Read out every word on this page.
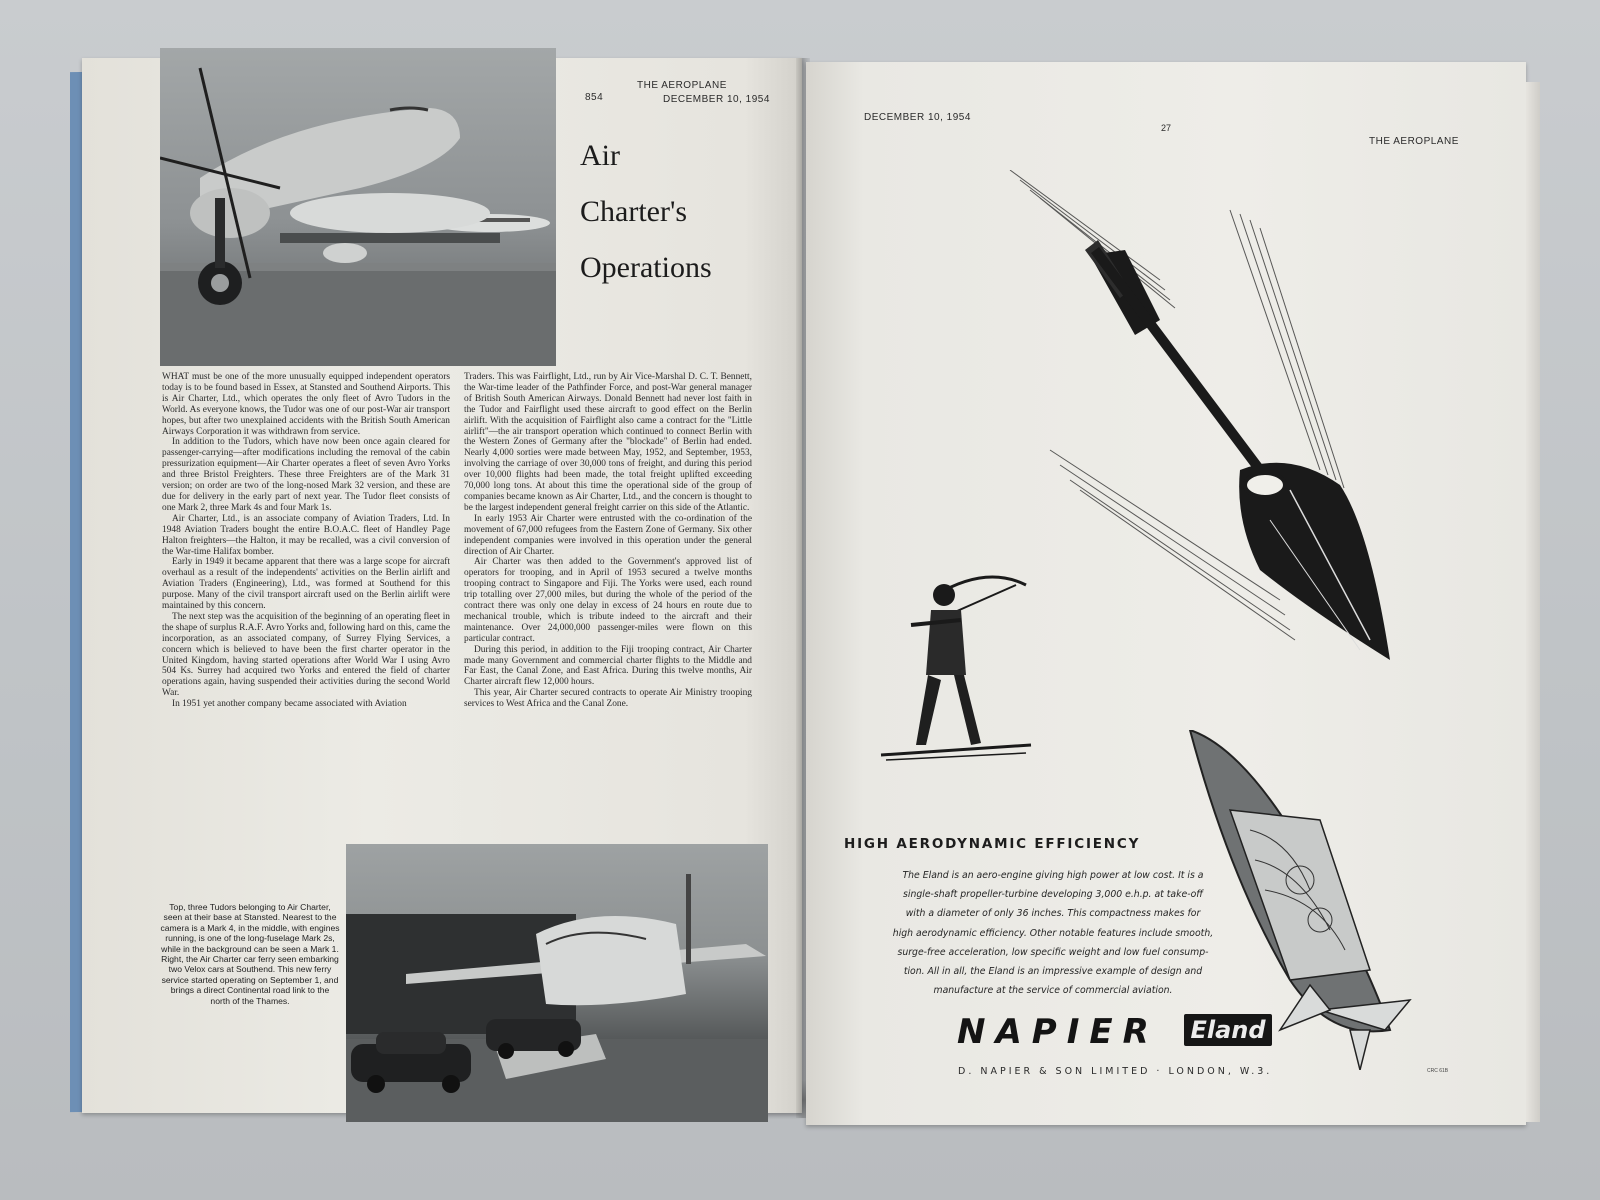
854
THE AEROPLANE
DECEMBER 10, 1954
Air
Charter's
Operations

WHAT must be one of the more unusually equipped independent operators today is to be found based in Essex, at Stansted and Southend Airports. This is Air Charter, Ltd., which operates the only fleet of Avro Tudors in the World. As everyone knows, the Tudor was one of our post-War air transport hopes, but after two unexplained accidents with the British South American Airways Corporation it was withdrawn from service.

In addition to the Tudors, which have now been once again cleared for passenger-carrying—after modifications including the removal of the cabin pressurization equipment—Air Charter operates a fleet of seven Avro Yorks and three Bristol Freighters. These three Freighters are of the Mark 31 version; on order are two of the long-nosed Mark 32 version, and these are due for delivery in the early part of next year. The Tudor fleet consists of one Mark 2, three Mark 4s and four Mark 1s.

Air Charter, Ltd., is an associate company of Aviation Traders, Ltd. In 1948 Aviation Traders bought the entire B.O.A.C. fleet of Handley Page Halton freighters—the Halton, it may be recalled, was a civil conversion of the War-time Halifax bomber.

Early in 1949 it became apparent that there was a large scope for aircraft overhaul as a result of the independents' activities on the Berlin airlift and Aviation Traders (Engineering), Ltd., was formed at Southend for this purpose. Many of the civil transport aircraft used on the Berlin airlift were maintained by this concern.

The next step was the acquisition of the beginning of an operating fleet in the shape of surplus R.A.F. Avro Yorks and, following hard on this, came the incorporation, as an associated company, of Surrey Flying Services, a concern which is believed to have been the first charter operator in the United Kingdom, having started operations after World War I using Avro 504 Ks. Surrey had acquired two Yorks and entered the field of charter operations again, having suspended their activities during the second World War.

In 1951 yet another company became associated with Aviation

Traders. This was Fairflight, Ltd., run by Air Vice-Marshal D. C. T. Bennett, the War-time leader of the Pathfinder Force, and post-War general manager of British South American Airways. Donald Bennett had never lost faith in the Tudor and Fairflight used these aircraft to good effect on the Berlin airlift. With the acquisition of Fairflight also came a contract for the "Little airlift"—the air transport operation which continued to connect Berlin with the Western Zones of Germany after the "blockade" of Berlin had ended. Nearly 4,000 sorties were made between May, 1952, and September, 1953, involving the carriage of over 30,000 tons of freight, and during this period over 10,000 flights had been made, the total freight uplifted exceeding 70,000 long tons. At about this time the operational side of the group of companies became known as Air Charter, Ltd., and the concern is thought to be the largest independent general freight carrier on this side of the Atlantic.

In early 1953 Air Charter were entrusted with the co-ordination of the movement of 67,000 refugees from the Eastern Zone of Germany. Six other independent companies were involved in this operation under the general direction of Air Charter.

Air Charter was then added to the Government's approved list of operators for trooping, and in April of 1953 secured a twelve months trooping contract to Singapore and Fiji. The Yorks were used, each round trip totalling over 27,000 miles, but during the whole of the period of the contract there was only one delay in excess of 24 hours en route due to mechanical trouble, which is tribute indeed to the aircraft and their maintenance. Over 24,000,000 passenger-miles were flown on this particular contract.

During this period, in addition to the Fiji trooping contract, Air Charter made many Government and commercial charter flights to the Middle and Far East, the Canal Zone, and East Africa. During this twelve months, Air Charter aircraft flew 12,000 hours.

This year, Air Charter secured contracts to operate Air Ministry trooping services to West Africa and the Canal Zone.

Top, three Tudors belonging to Air Charter, seen at their base at Stansted. Nearest to the camera is a Mark 4, in the middle, with engines running, is one of the long-fuselage Mark 2s, while in the background can be seen a Mark 1. Right, the Air Charter car ferry seen embarking two Velox cars at Southend. This new ferry service started operating on September 1, and brings a direct Continental road link to the north of the Thames.
DECEMBER 10, 1954
27
THE AEROPLANE
HIGH AERODYNAMIC EFFICIENCY
The Eland is an aero-engine giving high power at low cost. It is a
single-shaft propeller-turbine developing 3,000 e.h.p. at take-off
with a diameter of only 36 inches. This compactness makes for
high aerodynamic efficiency. Other notable features include smooth,
surge-free acceleration, low specific weight and low fuel consump-
tion. All in all, the Eland is an impressive example of design and
manufacture at the service of commercial aviation.
NAPIER Eland
D. NAPIER & SON LIMITED · LONDON, W.3.	CRC 61B
